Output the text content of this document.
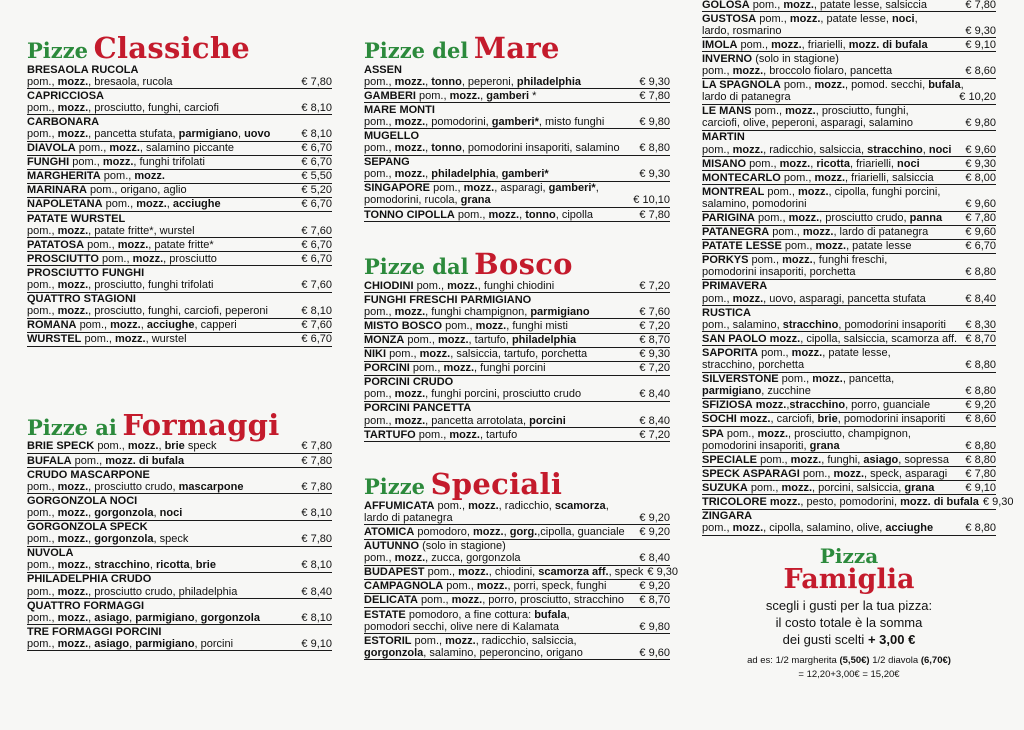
Pizze Classiche
BRESAOLA RUCOLA
pom., mozz., bresaola, rucola	€ 7,80
CAPRICCIOSA
pom., mozz., prosciutto, funghi, carciofi	€ 8,10
CARBONARA
pom., mozz., pancetta stufata, parmigiano, uovo	€ 8,10
DIAVOLA pom., mozz., salamino piccante	€ 6,70
FUNGHI pom., mozz., funghi trifolati	€ 6,70
MARGHERITA pom., mozz.	€ 5,50
MARINARA pom., origano, aglio	€ 5,20
NAPOLETANA pom., mozz., acciughe	€ 6,70
PATATE WURSTEL
pom., mozz., patate fritte*, wurstel	€ 7,60
PATATOSA pom., mozz., patate fritte*	€ 6,70
PROSCIUTTO pom., mozz., prosciutto	€ 6,70
PROSCIUTTO FUNGHI
pom., mozz., prosciutto, funghi trifolati	€ 7,60
QUATTRO STAGIONI
pom., mozz., prosciutto, funghi, carciofi, peperoni	€ 8,10
ROMANA pom., mozz., acciughe, capperi	€ 7,60
WURSTEL pom., mozz., wurstel	€ 6,70
Pizze ai Formaggi
BRIE SPECK pom., mozz., brie speck	€ 7,80
BUFALA pom., mozz. di bufala	€ 7,80
CRUDO MASCARPONE
pom., mozz., prosciutto crudo, mascarpone	€ 7,80
GORGONZOLA NOCI
pom., mozz., gorgonzola, noci	€ 8,10
GORGONZOLA SPECK
pom., mozz., gorgonzola, speck	€ 7,80
NUVOLA
pom., mozz., stracchino, ricotta, brie	€ 8,10
PHILADELPHIA CRUDO
pom., mozz., prosciutto crudo, philadelphia	€ 8,40
QUATTRO FORMAGGI
pom., mozz., asiago, parmigiano, gorgonzola	€ 8,10
TRE FORMAGGI PORCINI
pom., mozz., asiago, parmigiano, porcini	€ 9,10
Pizze del Mare
ASSEN
pom., mozz., tonno, peperoni, philadelphia	€ 9,30
GAMBERI pom., mozz., gamberi *	€ 7,80
MARE MONTI
pom., mozz., pomodorini, gamberi*, misto funghi	€ 9,80
MUGELLO
pom., mozz., tonno, pomodorini insaporiti, salamino	€ 8,80
SEPANG
pom., mozz., philadelphia, gamberi*	€ 9,30
SINGAPORE pom., mozz., asparagi, gamberi*,
pomodorini, rucola, grana	€ 10,10
TONNO CIPOLLA pom., mozz., tonno, cipolla	€ 7,80
Pizze dal Bosco
CHIODINI pom., mozz., funghi chiodini	€ 7,20
FUNGHI FRESCHI PARMIGIANO
pom., mozz., funghi champignon, parmigiano	€ 7,60
MISTO BOSCO pom., mozz., funghi misti	€ 7,20
MONZA pom., mozz., tartufo, philadelphia	€ 8,70
NIKI pom., mozz., salsiccia, tartufo, porchetta	€ 9,30
PORCINI pom., mozz., funghi porcini	€ 7,20
PORCINI CRUDO
pom., mozz., funghi porcini, prosciutto crudo	€ 8,40
PORCINI PANCETTA
pom., mozz., pancetta arrotolata, porcini	€ 8,40
TARTUFO pom., mozz., tartufo	€ 7,20
Pizze Speciali
AFFUMICATA pom., mozz., radicchio, scamorza,
lardo di patanegra	€ 9,20
ATOMICA pomodoro, mozz., gorg.,cipolla, guanciale	€ 9,20
AUTUNNO (solo in stagione)
pom., mozz., zucca, gorgonzola	€ 8,40
BUDAPEST pom., mozz., chiodini, scamorza aff., speck € 9,30
CAMPAGNOLA pom., mozz., porri, speck, funghi	€ 9,20
DELICATA pom., mozz., porro, prosciutto, stracchino	€ 8,70
ESTATE pomodoro, a fine cottura: bufala,
pomodori secchi, olive nere di Kalamata	€ 9,80
ESTORIL pom., mozz., radicchio, salsiccia,
gorgonzola, salamino, peperoncino, origano	€ 9,60
GOLOSA pom., mozz., patate lesse, salsiccia	€ 7,80
GUSTOSA pom., mozz., patate lesse, noci,
lardo, rosmarino	€ 9,30
IMOLA pom., mozz., friarielli, mozz. di bufala	€ 9,10
INVERNO (solo in stagione)
pom., mozz., broccolo fiolaro, pancetta	€ 8,60
LA SPAGNOLA pom., mozz., pomod. secchi, bufala,
lardo di patanegra	€ 10,20
LE MANS pom., mozz., prosciutto, funghi,
carciofi, olive, peperoni, asparagi, salamino	€ 9,80
MARTIN
pom., mozz., radicchio, salsiccia, stracchino, noci	€ 9,60
MISANO pom., mozz., ricotta, friarielli, noci	€ 9,30
MONTECARLO pom., mozz., friarielli, salsiccia	€ 8,00
MONTREAL pom., mozz., cipolla, funghi porcini,
salamino, pomodorini	€ 9,60
PARIGINA pom., mozz., prosciutto crudo, panna	€ 7,80
PATANEGRA pom., mozz., lardo di patanegra	€ 9,60
PATATE LESSE pom., mozz., patate lesse	€ 6,70
PORKYS pom., mozz., funghi freschi,
pomodorini insaporiti, porchetta	€ 8,80
PRIMAVERA
pom., mozz., uovo, asparagi, pancetta stufata	€ 8,40
RUSTICA
pom., salamino, stracchino, pomodorini insaporiti	€ 8,30
SAN PAOLO mozz., cipolla, salsiccia, scamorza aff. € 8,70
SAPORITA pom., mozz., patate lesse,
stracchino, porchetta	€ 8,80
SILVERSTONE pom., mozz., pancetta,
parmigiano, zucchine	€ 8,80
SFIZIOSA mozz.,stracchino, porro, guanciale	€ 9,20
SOCHI mozz., carciofi, brie, pomodorini insaporiti	€ 8,60
SPA pom., mozz., prosciutto, champignon,
pomodorini insaporiti, grana	€ 8,80
SPECIALE pom., mozz., funghi, asiago, sopressa	€ 8,80
SPECK ASPARAGI pom., mozz., speck, asparagi	€ 7,80
SUZUKA pom., mozz., porcini, salsiccia, grana	€ 9,10
TRICOLORE mozz., pesto, pomodorini, mozz. di bufala € 9,30
ZINGARA
pom., mozz., cipolla, salamino, olive, acciughe	€ 8,80
Pizza
Famiglia
scegli i gusti per la tua pizza:
il costo totale è la somma
dei gusti scelti + 3,00 €
ad es: 1/2 margherita (5,50€) 1/2 diavola (6,70€)
= 12,20+3,00€ = 15,20€
